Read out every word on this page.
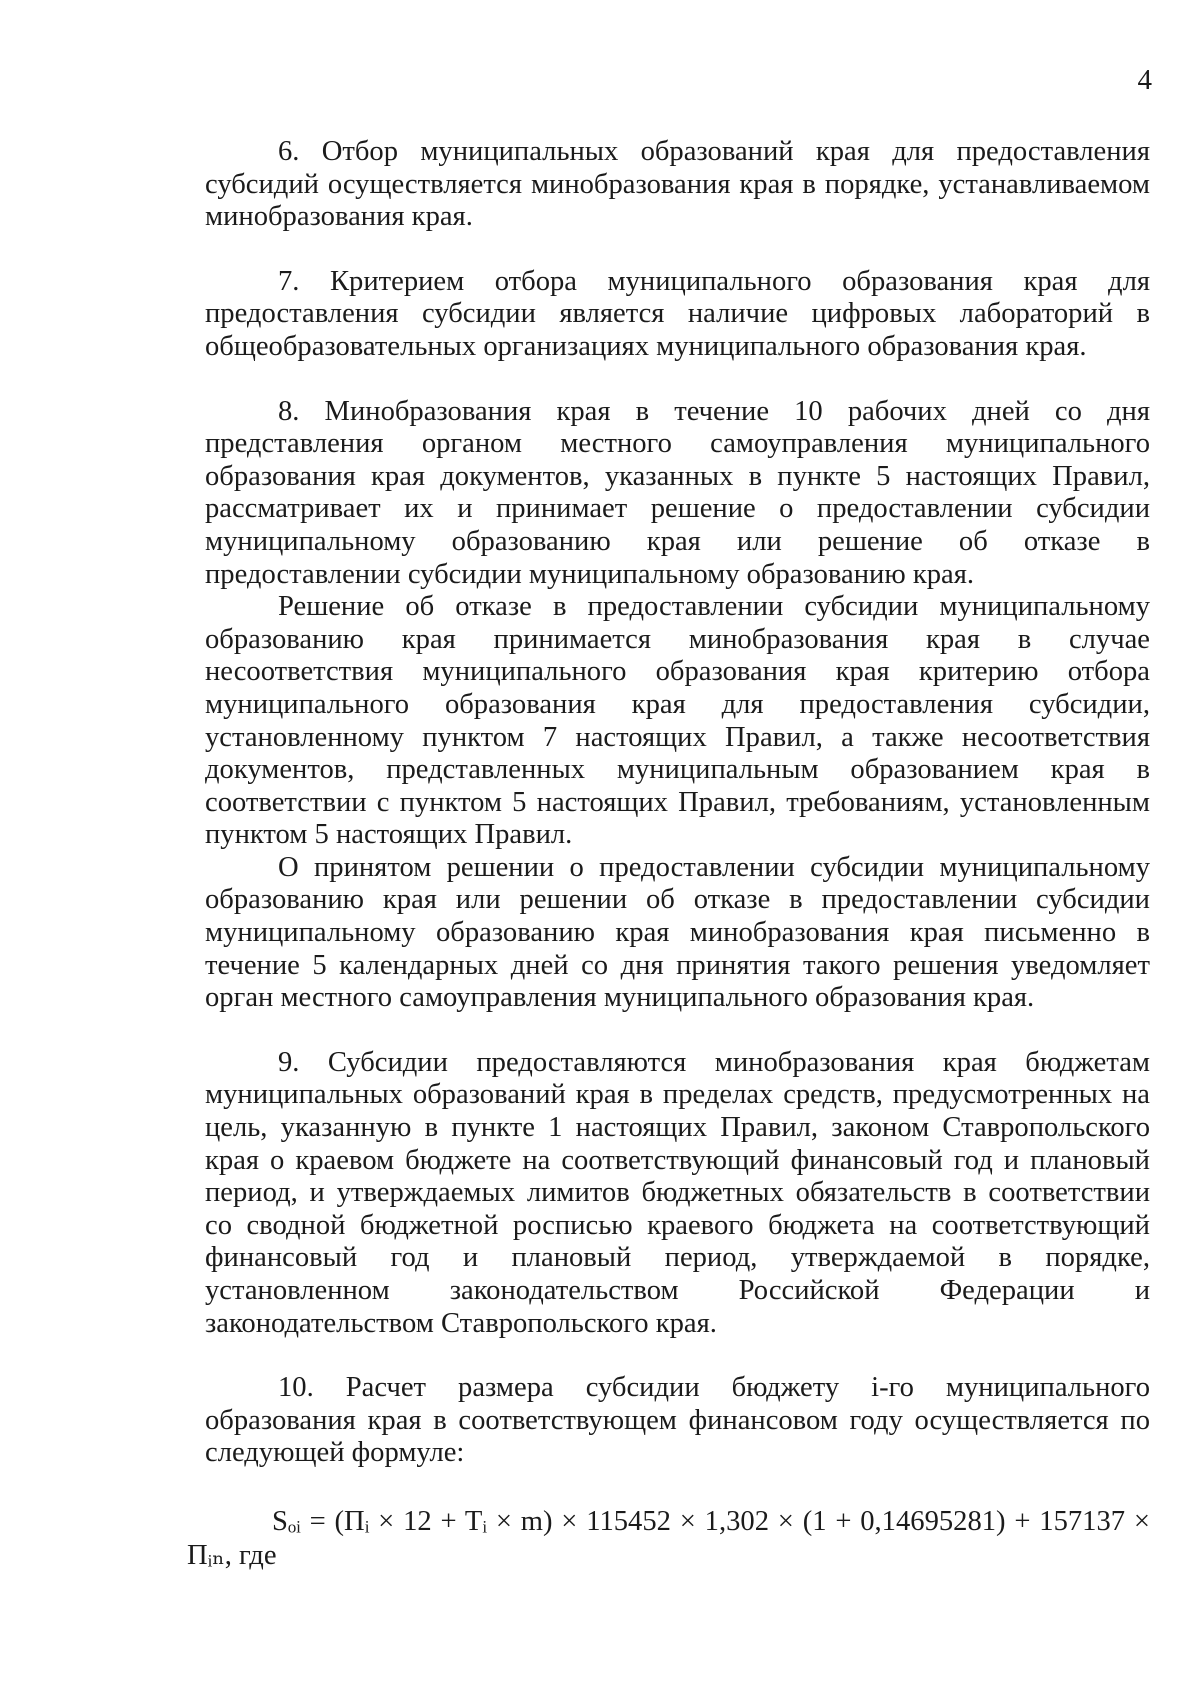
4

6. Отбор муниципальных образований края для предоставления субсидий осуществляется минобразования края в порядке, устанавливаемом минобразования края.

7. Критерием отбора муниципального образования края для предоставления субсидии является наличие цифровых лабораторий в общеобразовательных организациях муниципального образования края.

8. Минобразования края в течение 10 рабочих дней со дня представления органом местного самоуправления муниципального образования края документов, указанных в пункте 5 настоящих Правил, рассматривает их и принимает решение о предоставлении субсидии муниципальному образованию края или решение об отказе в предоставлении субсидии муниципальному образованию края.

Решение об отказе в предоставлении субсидии муниципальному образованию края принимается минобразования края в случае несоответствия муниципального образования края критерию отбора муниципального образования края для предоставления субсидии, установленному пунктом 7 настоящих Правил, а также несоответствия документов, представленных муниципальным образованием края в соответствии с пунктом 5 настоящих Правил, требованиям, установленным пунктом 5 настоящих Правил.

О принятом решении о предоставлении субсидии муниципальному образованию края или решении об отказе в предоставлении субсидии муниципальному образованию края минобразования края письменно в течение 5 календарных дней со дня принятия такого решения уведомляет орган местного самоуправления муниципального образования края.

9. Субсидии предоставляются минобразования края бюджетам муниципальных образований края в пределах средств, предусмотренных на цель, указанную в пункте 1 настоящих Правил, законом Ставропольского края о краевом бюджете на соответствующий финансовый год и плановый период, и утверждаемых лимитов бюджетных обязательств в соответствии со сводной бюджетной росписью краевого бюджета на соответствующий финансовый год и плановый период, утверждаемой в порядке, установленном законодательством Российской Федерации и законодательством Ставропольского края.

10. Расчет размера субсидии бюджету i-го муниципального образования края в соответствующем финансовом году осуществляется по следующей формуле:

Sₒᵢ = (Пᵢ × 12 + Tᵢ × m) × 115452 × 1,302 × (1 + 0,14695281) + 157137 ×
Пᵢₙ, где
